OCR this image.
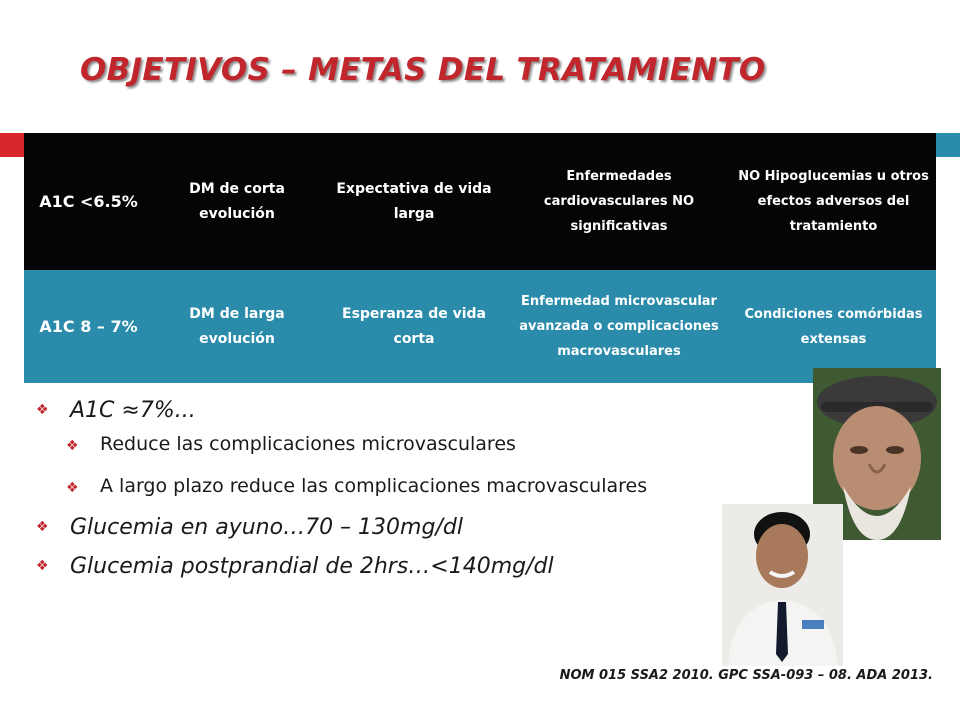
OBJETIVOS – METAS DEL TRATAMIENTO
A1C <6.5%
DM de corta evolución
Expectativa de vida larga
Enfermedades cardiovasculares NO significativas
NO Hipoglucemias u otros efectos adversos del tratamiento
A1C 8 – 7%
DM de larga evolución
Esperanza de vida corta
Enfermedad microvascular avanzada o complicaciones macrovasculares
Condiciones comórbidas extensas
❖ A1C ≈7%...
❖ Reduce las complicaciones microvasculares
❖ A largo plazo reduce las complicaciones macrovasculares
❖ Glucemia en ayuno…70 – 130mg/dl
❖ Glucemia postprandial de 2hrs…<140mg/dl
NOM 015 SSA2 2010. GPC SSA-093 – 08. ADA 2013.
